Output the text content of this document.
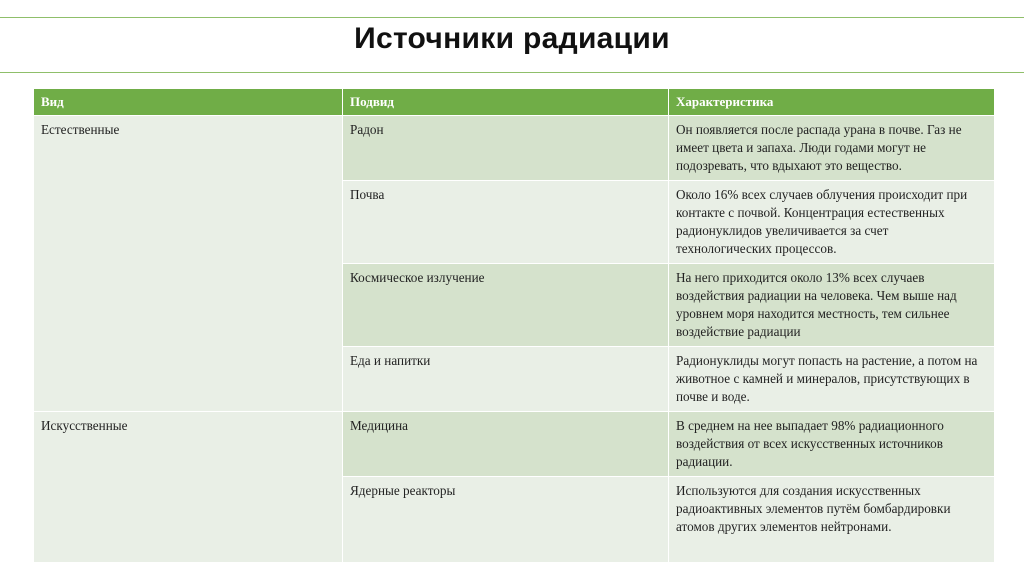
Источники радиации
Вид	Подвид	Характеристика
Естественные	Радон	Он появляется после распада урана в почве. Газ не имеет цвета и запаха. Люди годами могут не подозревать, что вдыхают это вещество.
	Почва	Около 16% всех случаев облучения происходит при контакте с почвой. Концентрация естественных радионуклидов увеличивается за счет технологических процессов.
	Космическое излучение	На него приходится около 13% всех случаев воздействия радиации на человека. Чем выше над уровнем моря находится местность, тем сильнее воздействие радиации
	Еда и напитки	Радионуклиды могут попасть на растение, а потом на животное с камней и минералов, присутствующих в почве и воде.
Искусственные	Медицина	В среднем на нее выпадает 98% радиационного воздействия от всех искусственных источников радиации.
	Ядерные реакторы	Используются для создания искусственных радиоактивных элементов путём бомбардировки атомов других элементов нейтронами.
